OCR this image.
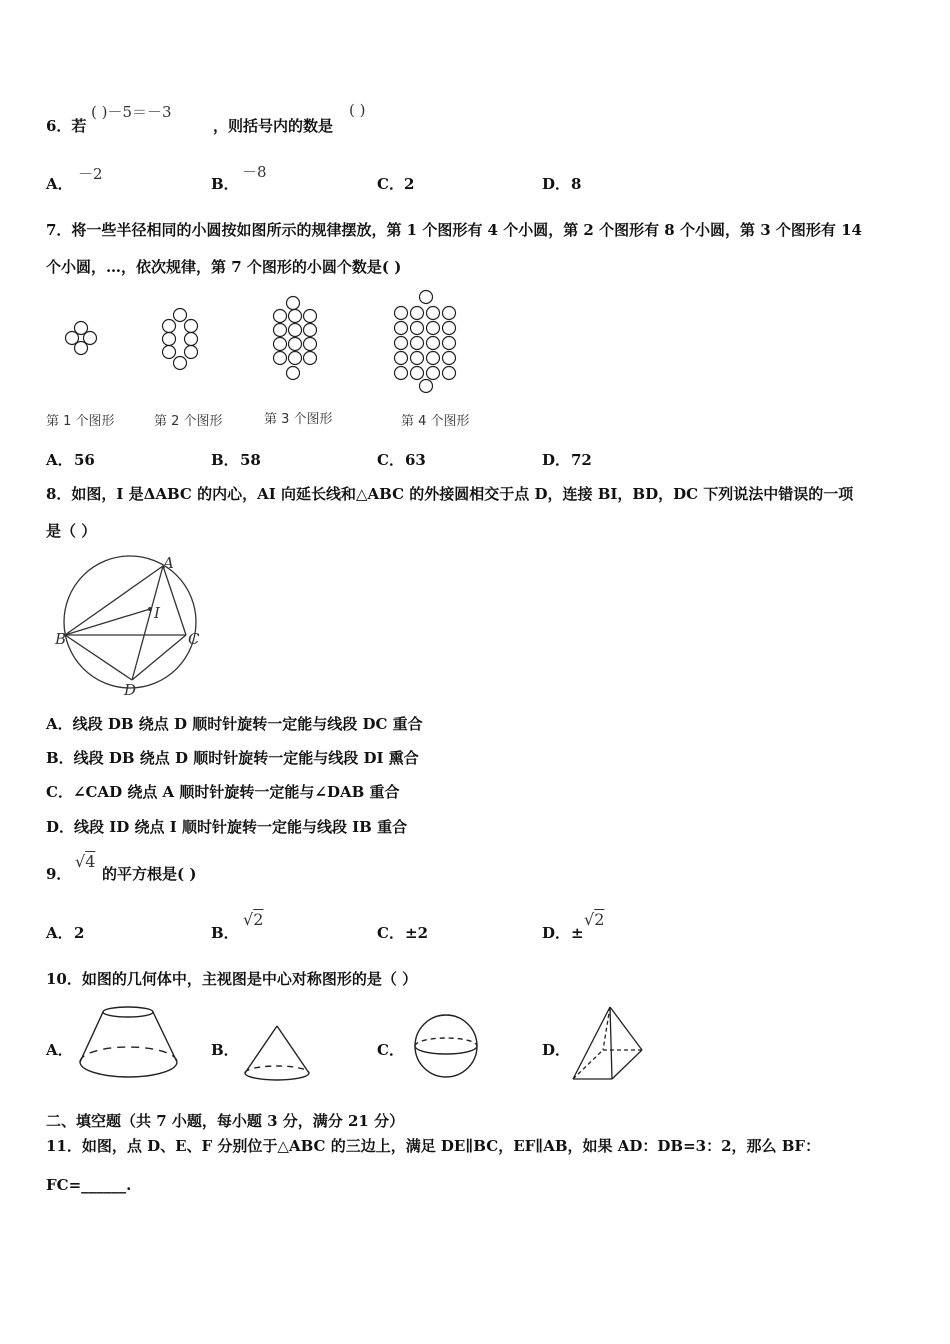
6．若
( )－5＝－3
，则括号内的数是
( )
A．
－2
B．
－8
C． 2	D． 8
7．将一些半径相同的小圆按如图所示的规律摆放，第 1 个图形有 4 个小圆，第 2 个图形有 8 个小圆，第 3 个图形有 14
个小圆，…，依次规律，第 7 个图形的小圆个数是( )
第 1 个图形	第 2 个图形	第 3 个图形	第 4 个图形
A． 56	B． 58	C． 63	D． 72
8．如图，I 是ΔABC 的内心，AI 向延长线和△ABC 的外接圆相交于点 D，连接 BI，BD，DC 下列说法中错误的一项
是（ ）
A
I
B	C
D
A．线段 DB 绕点 D 顺时针旋转一定能与线段 DC 重合
B．线段 DB 绕点 D 顺时针旋转一定能与线段 DI 熏合
C．∠CAD 绕点 A 顺时针旋转一定能与∠DAB 重合
D．线段 ID 绕点 I 顺时针旋转一定能与线段 IB 重合
9．
√4
的平方根是( )
A． 2	B．
√2
C． ±2	D． ±
√2
10．如图的几何体中，主视图是中心对称图形的是（ ）
A．	B．	C．	D．
二、填空题（共 7 小题，每小题 3 分，满分 21 分）
11．如图，点 D、E、F 分别位于△ABC 的三边上，满足 DE∥BC，EF∥AB，如果 AD：DB=3：2，那么 BF：
FC=______.
